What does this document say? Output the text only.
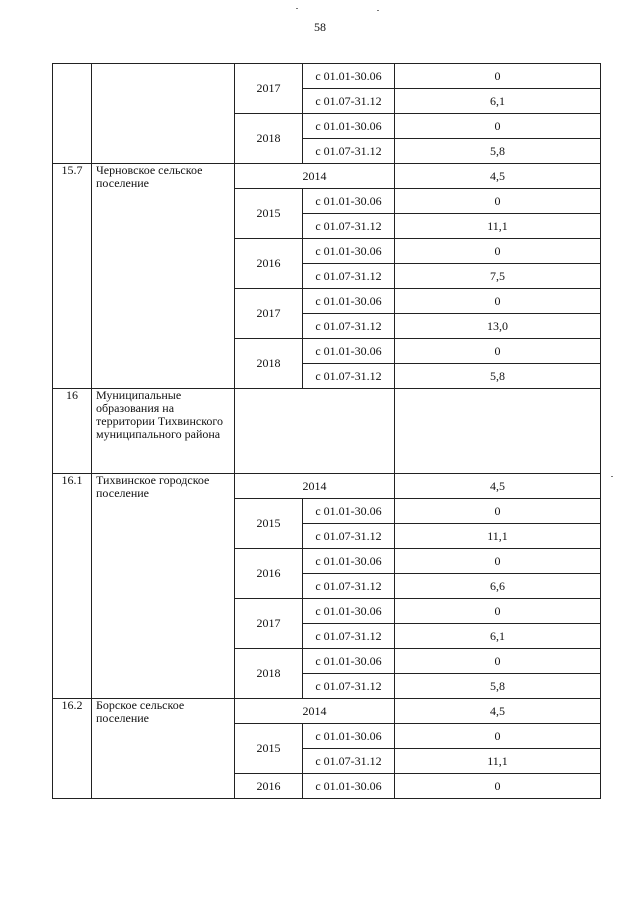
58
		2017	с 01.01-30.06	0
			с 01.07-31.12	6,1
		2018	с 01.01-30.06	0
			с 01.07-31.12	5,8
15.7	Черновское сельское поселение	2014		4,5
		2015	с 01.01-30.06	0
			с 01.07-31.12	11,1
		2016	с 01.01-30.06	0
			с 01.07-31.12	7,5
		2017	с 01.01-30.06	0
			с 01.07-31.12	13,0
		2018	с 01.01-30.06	0
			с 01.07-31.12	5,8
16	Муниципальные образования на территории Тихвинского муниципального района			
16.1	Тихвинское городское поселение	2014		4,5
		2015	с 01.01-30.06	0
			с 01.07-31.12	11,1
		2016	с 01.01-30.06	0
			с 01.07-31.12	6,6
		2017	с 01.01-30.06	0
			с 01.07-31.12	6,1
		2018	с 01.01-30.06	0
			с 01.07-31.12	5,8
16.2	Борское сельское поселение	2014		4,5
		2015	с 01.01-30.06	0
			с 01.07-31.12	11,1
		2016	с 01.01-30.06	0
